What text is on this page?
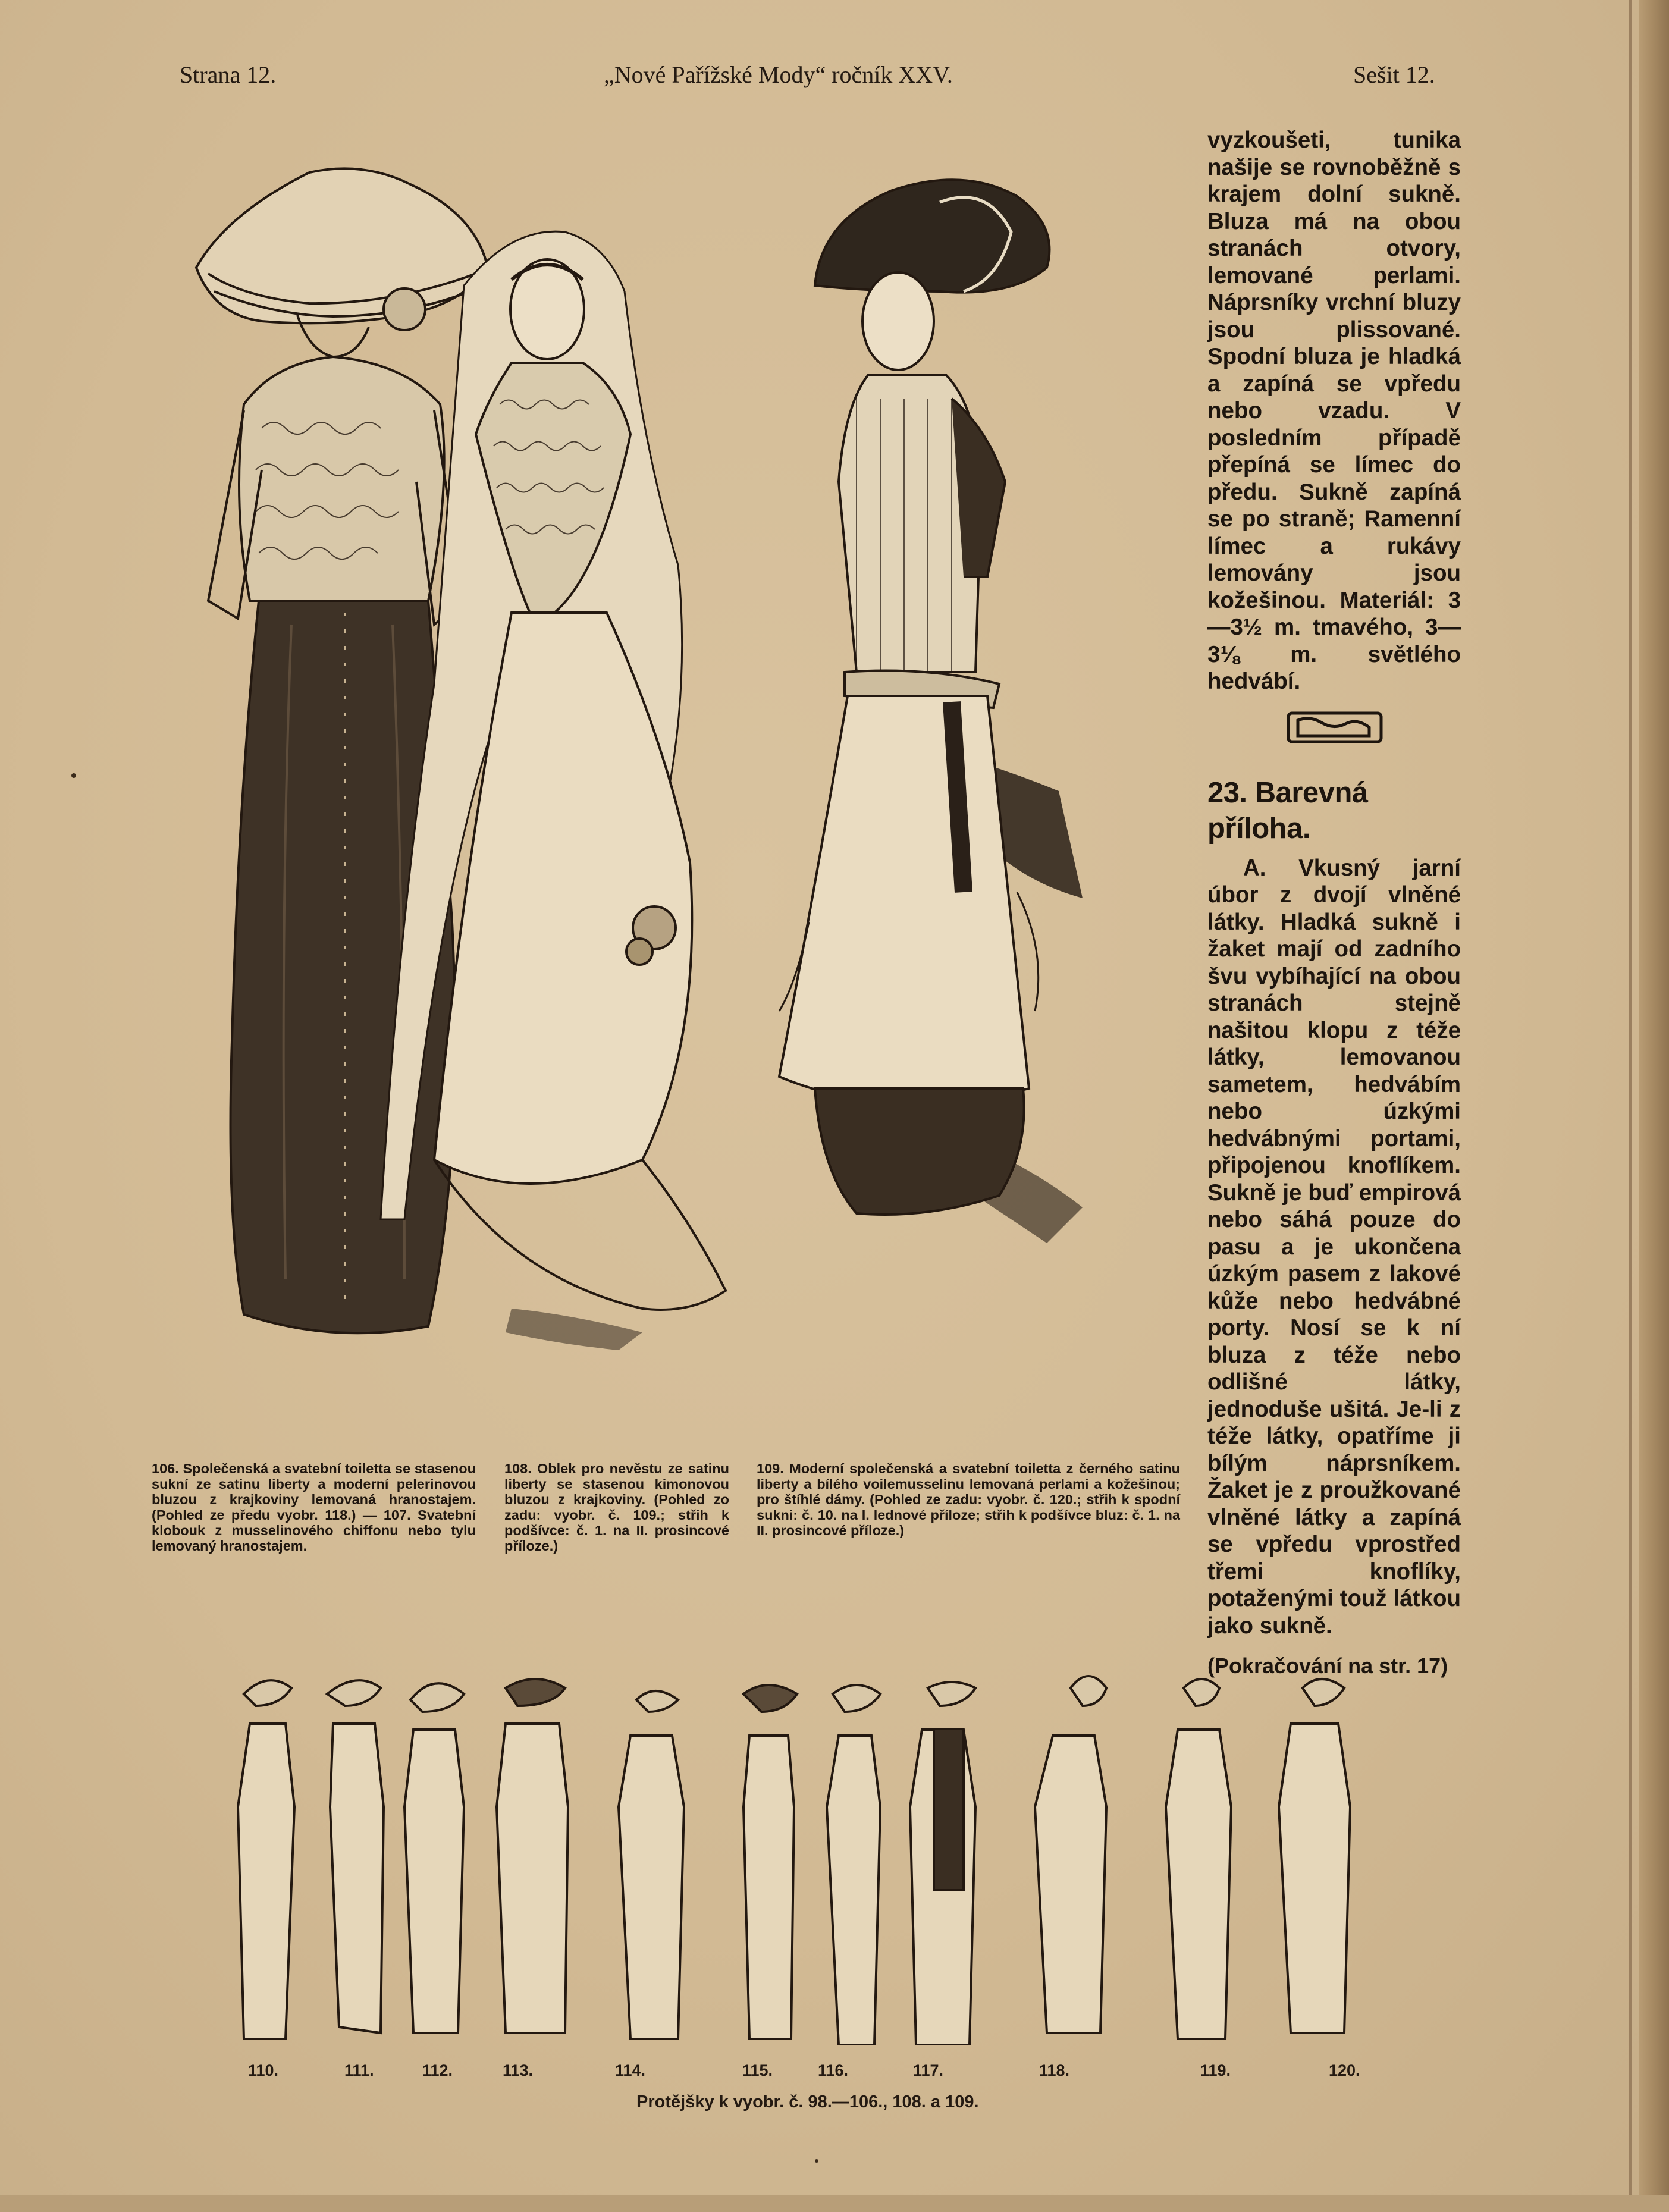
Strana 12.	„Nové Pařížské Mody“ ročník XXV.	Sešit 12.
106. Společenská a svatební toiletta se stasenou sukní ze satinu liberty a moderní pelerinovou bluzou z krajkoviny lemovaná hranostajem. (Pohled ze předu vyobr. 118.) — 107. Svatební klobouk z musselinového chiffonu nebo tylu lemovaný hranostajem.
108. Oblek pro nevěstu ze satinu liberty se stasenou kimonovou bluzou z krajkoviny. (Pohled zo zadu: vyobr. č. 109.; střih k podšívce: č. 1. na II. prosincové příloze.)
109. Moderní společenská a svatební toiletta z černého satinu liberty a bílého voilemusselinu lemovaná perlami a kožešinou; pro štíhlé dámy. (Pohled ze zadu: vyobr. č. 120.; střih k spodní sukni: č. 10. na I. lednové příloze; střih k podšívce bluz: č. 1. na II. prosincové příloze.)

vyzkoušeti, tunika našije se rovnoběžně s krajem dolní sukně. Bluza má na obou stranách otvory, lemované perlami. Náprsníky vrchní bluzy jsou plissované. Spodní bluza je hladká a zapíná se vpředu nebo vzadu. V posledním případě přepíná se límec do předu. Sukně zapíná se po straně; Ramenní límec a rukávy lemovány jsou kožešinou. Materiál: 3—3½ m. tmavého, 3—3⅛ m. světlého hedvábí.

23. Barevná příloha.

A. Vkusný jarní úbor z dvojí vlněné látky. Hladká sukně i žaket mají od zadního švu vybíhající na obou stranách stejně našitou klopu z téže látky, lemovanou sametem, hedvábím nebo úzkými hedvábnými portami, připojenou knoflíkem. Sukně je buď empirová nebo sáhá pouze do pasu a je ukončena úzkým pasem z lakové kůže nebo hedvábné porty. Nosí se k ní bluza z téže nebo odlišné látky, jednoduše ušitá. Je-li z téže látky, opatříme ji bílým náprsníkem. Žaket je z proužkované vlněné látky a zapíná se vpředu vprostřed třemi knoflíky, potaženými touž látkou jako sukně.

(Pokračování na str. 17)
110.	111.	112.	113.	114.	115.	116.	117.	118.	119.	120.
Protějšky k vyobr. č. 98.—106., 108. a 109.
